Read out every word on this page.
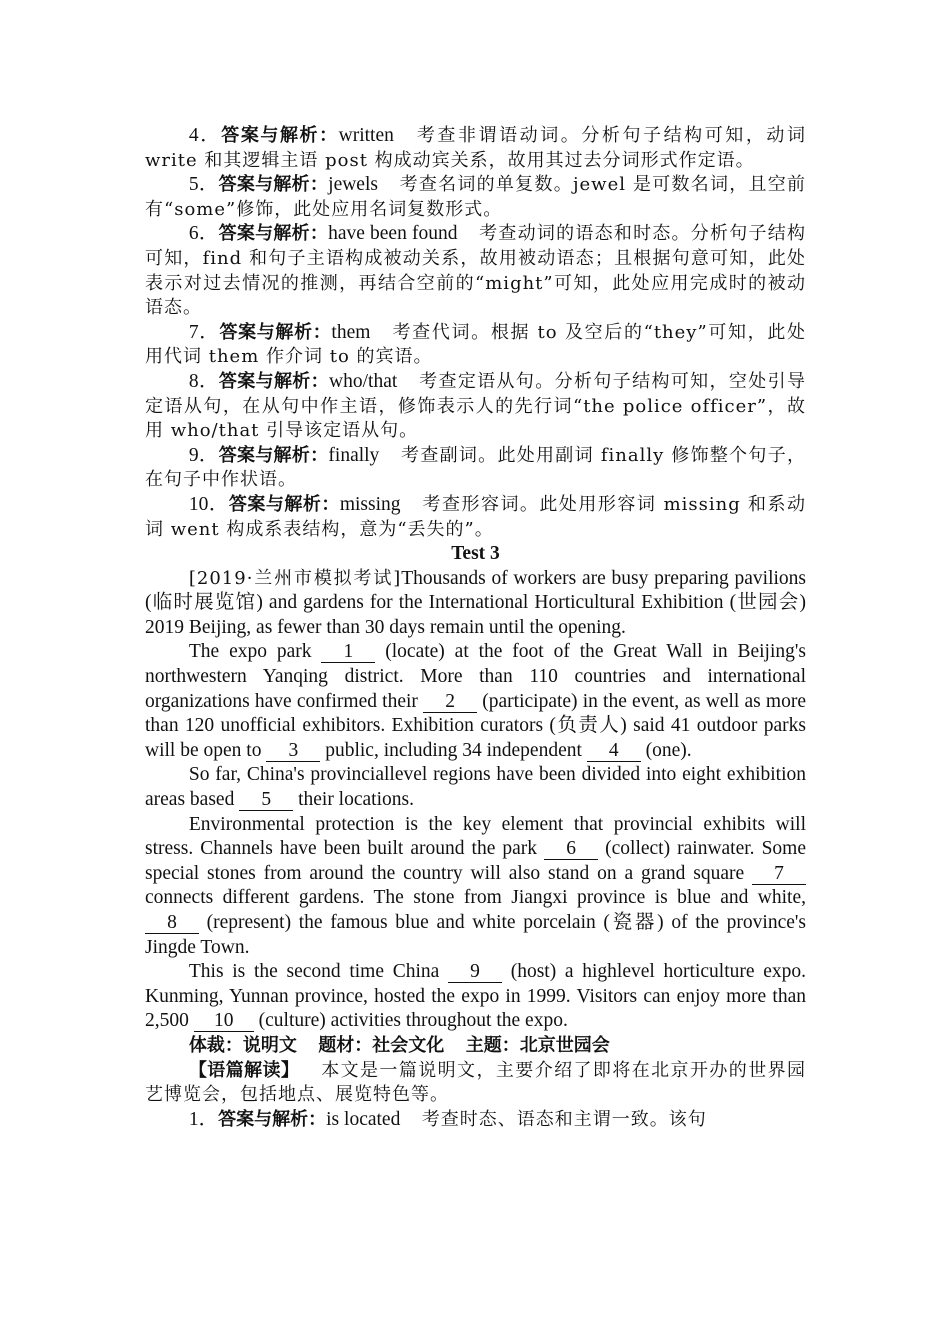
4．答案与解析：written 考查非谓语动词。分析句子结构可知，动词 write 和其逻辑主语 post 构成动宾关系，故用其过去分词形式作定语。

5．答案与解析：jewels 考查名词的单复数。jewel 是可数名词，且空前有“some”修饰，此处应用名词复数形式。

6．答案与解析：have been found 考查动词的语态和时态。分析句子结构可知，find 和句子主语构成被动关系，故用被动语态；且根据句意可知，此处表示对过去情况的推测，再结合空前的“might”可知，此处应用完成时的被动语态。

7．答案与解析：them 考查代词。根据 to 及空后的“they”可知，此处用代词 them 作介词 to 的宾语。

8．答案与解析：who/that 考查定语从句。分析句子结构可知，空处引导定语从句，在从句中作主语，修饰表示人的先行词“the police officer”，故用 who/that 引导该定语从句。

9．答案与解析：finally 考查副词。此处用副词 finally 修饰整个句子，在句子中作状语。

10．答案与解析：missing 考查形容词。此处用形容词 missing 和系动词 went 构成系表结构，意为“丢失的”。

Test 3

[2019·兰州市模拟考试]Thousands of workers are busy preparing pavilions (临时展览馆) and gardens for the International Horticultural Exhibition (世园会) 2019 Beijing, as fewer than 30 days remain until the opening.

The expo park 1 (locate) at the foot of the Great Wall in Beijing's northwestern Yanqing district. More than 110 countries and international organizations have confirmed their 2 (participate) in the event, as well as more than 120 unofficial exhibitors. Exhibition curators (负责人) said 41 outdoor parks will be open to 3 public, including 34 independent 4 (one).

So far, China's provinciallevel regions have been divided into eight exhibition areas based 5 their locations.

Environmental protection is the key element that provincial exhibits will stress. Channels have been built around the park 6 (collect) rainwater. Some special stones from around the country will also stand on a grand square 7 connects different gardens. The stone from Jiangxi province is blue and white, 8 (represent) the famous blue and white porcelain (瓷器) of the province's Jingde Town.

This is the second time China 9 (host) a highlevel horticulture expo. Kunming, Yunnan province, hosted the expo in 1999. Visitors can enjoy more than 2,500 10 (culture) activities throughout the expo.

体裁：说明文 题材：社会文化 主题：北京世园会

【语篇解读】 本文是一篇说明文，主要介绍了即将在北京开办的世界园艺博览会，包括地点、展览特色等。

1．答案与解析：is located 考查时态、语态和主谓一致。该句
